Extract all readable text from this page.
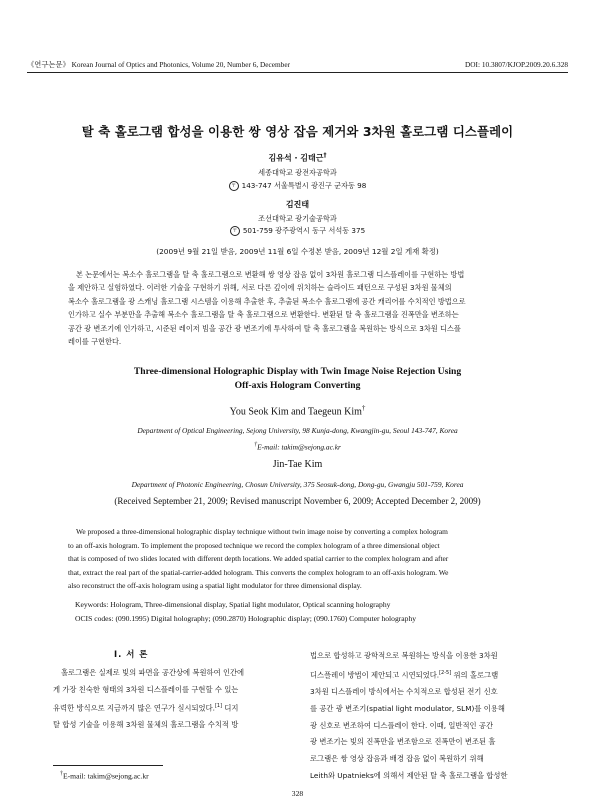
《연구논문》 Korean Journal of Optics and Photonics, Volume 20, Number 6, December	DOI: 10.3807/KJOP.2009.20.6.328
탈 축 홀로그램 합성을 이용한 쌍 영상 잡음 제거와 3차원 홀로그램 디스플레이
김유석 · 김태근†
세종대학교 광전자공학과
〒 143-747 서울특별시 광진구 군자동 98
김진태
조선대학교 광기술공학과
〒 501-759 광주광역시 동구 서석동 375
(2009년 9월 21일 받음, 2009년 11월 6일 수정본 받음, 2009년 12월 2일 게재 확정)
본 논문에서는 복소수 홀로그램을 탈 축 홀로그램으로 변환해 쌍 영상 잡음 없이 3차원 홀로그램 디스플레이를 구현하는 방법
을 제안하고 실험하였다. 이러한 기술을 구현하기 위해, 서로 다른 깊이에 위치하는 슬라이드 패턴으로 구성된 3차원 물체의
복소수 홀로그램을 광 스캐닝 홀로그램 시스템을 이용해 추출한 후, 추출된 복소수 홀로그램에 공간 캐리어를 수치적인 방법으로
인가하고 실수 부분만을 추출해 복소수 홀로그램을 탈 축 홀로그램으로 변환한다. 변환된 탈 축 홀로그램을 진폭만을 변조하는
공간 광 변조기에 인가하고, 시준된 레이저 빔을 공간 광 변조기에 투사하여 탈 축 홀로그램을 복원하는 방식으로 3차원 디스플
레이를 구현한다.
Three-dimensional Holographic Display with Twin Image Noise Rejection Using
Off-axis Hologram Converting
You Seok Kim and Taegeun Kim†
Department of Optical Engineering, Sejong University, 98 Kunja-dong, Kwangjin-gu, Seoul 143-747, Korea
†E-mail: takim@sejong.ac.kr
Jin-Tae Kim
Department of Photonic Engineering, Chosun University, 375 Seosuk-dong, Dong-gu, Gwangju 501-759, Korea
(Received September 21, 2009; Revised manuscript November 6, 2009; Accepted December 2, 2009)
We proposed a three-dimensional holographic display technique without twin image noise by converting a complex hologram
to an off-axis hologram. To implement the proposed technique we record the complex hologram of a three dimensional object
that is composed of two slides located with different depth locations. We added spatial carrier to the complex hologram and after
that, extract the real part of the spatial-carrier-added hologram. This converts the complex hologram to an off-axis hologram. We
also reconstruct the off-axis hologram using a spatial light modulator for three dimensional display.
Keywords: Hologram, Three-dimensional display, Spatial light modulator, Optical scanning holography
OCIS codes: (090.1995) Digital holography; (090.2870) Holographic display; (090.1760) Computer holography
I. 서 론
홀로그램은 실제로 빛의 파면을 공간상에 복원하여 인간에
게 가장 친숙한 형태의 3차원 디스플레이를 구현할 수 있는
유력한 방식으로 지금까지 많은 연구가 실시되었다.[1] 디지
탈 합성 기술을 이용해 3차원 물체의 홀로그램을 수치적 방
법으로 합성하고 광학적으로 복원하는 방식을 이용한 3차원
디스플레이 방법이 제안되고 시연되었다.[2-5] 위의 홀로그램
3차원 디스플레이 방식에서는 수치적으로 합성된 전기 신호
를 공간 광 변조기(spatial light modulator, SLM)를 이용해
광 신호로 변조하여 디스플레이 한다. 이때, 일반적인 공간
광 변조기는 빛의 진폭만을 변조함으로 진폭만이 변조된 홀
로그램은 쌍 영상 잡음과 배경 잡음 없이 복원하기 위해
Leith와 Upatnieks에 의해서 제안된 탈 축 홀로그램을 합성한
†E-mail: takim@sejong.ac.kr
328
